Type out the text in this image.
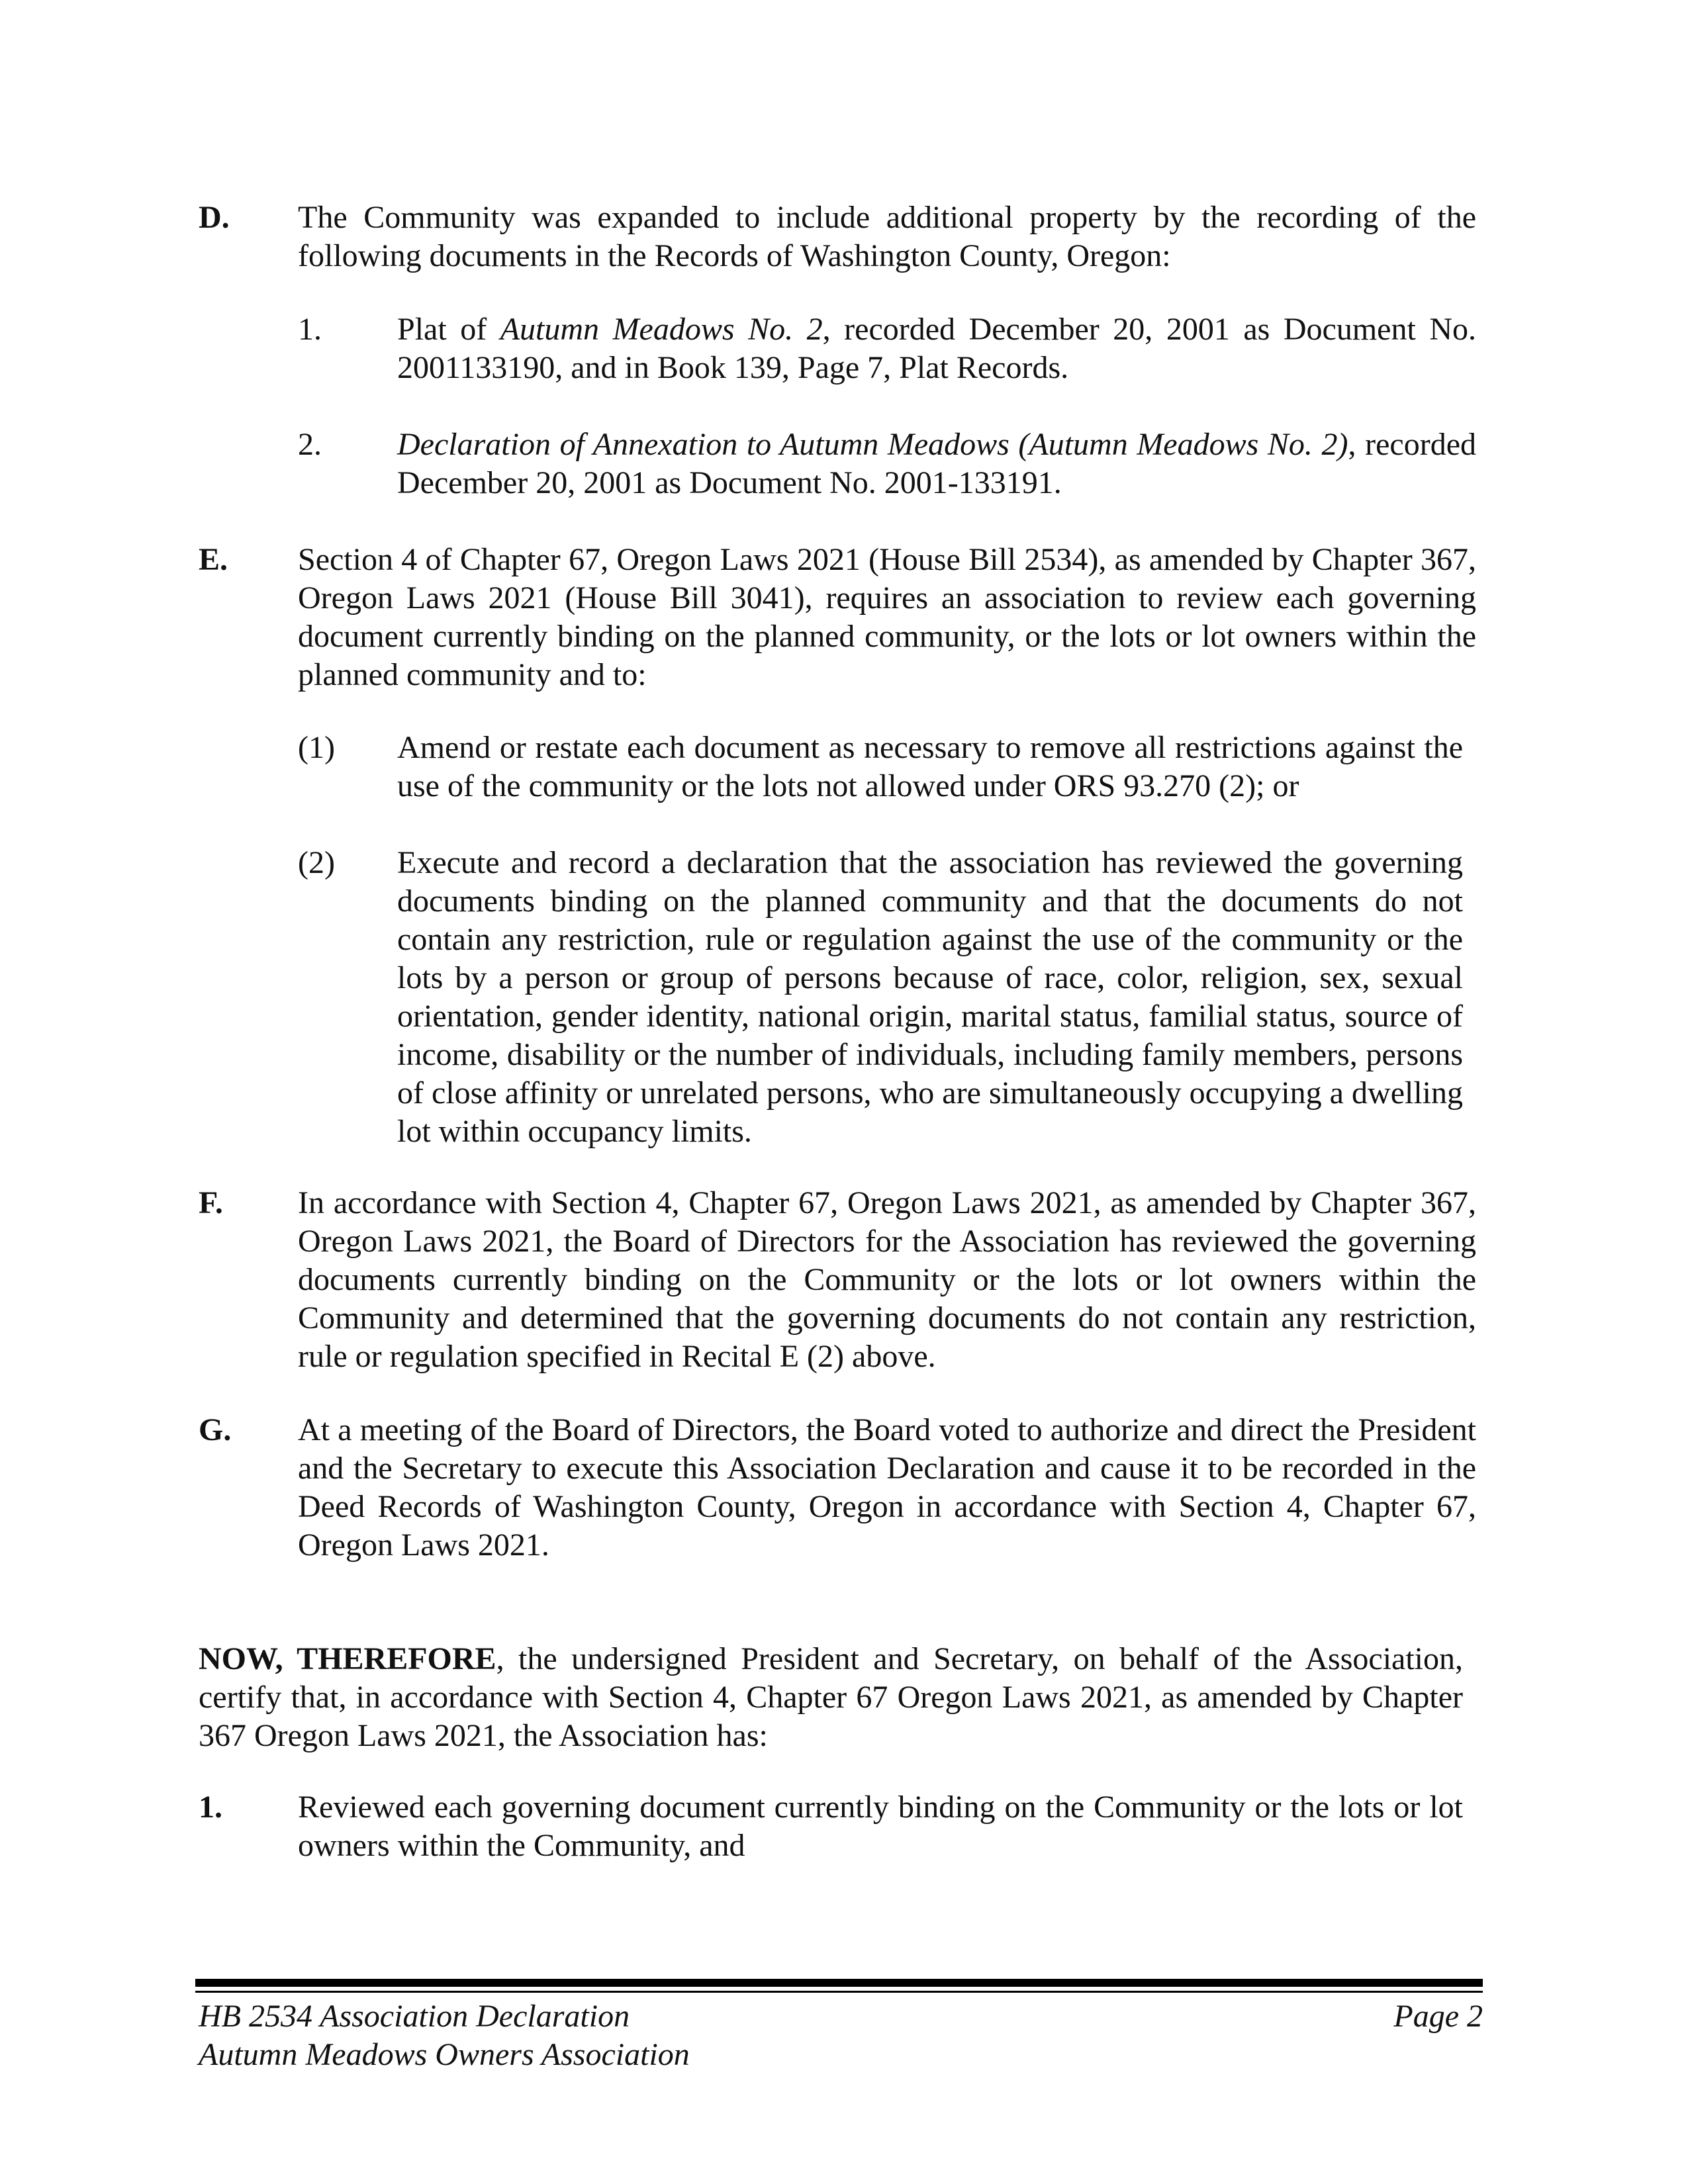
D. The Community was expanded to include additional property by the recording of the following documents in the Records of Washington County, Oregon:
1. Plat of Autumn Meadows No. 2, recorded December 20, 2001 as Document No. 2001133190, and in Book 139, Page 7, Plat Records.
2. Declaration of Annexation to Autumn Meadows (Autumn Meadows No. 2), recorded December 20, 2001 as Document No. 2001-133191.
E. Section 4 of Chapter 67, Oregon Laws 2021 (House Bill 2534), as amended by Chapter 367, Oregon Laws 2021 (House Bill 3041), requires an association to review each governing document currently binding on the planned community, or the lots or lot owners within the planned community and to:
(1) Amend or restate each document as necessary to remove all restrictions against the use of the community or the lots not allowed under ORS 93.270 (2); or
(2) Execute and record a declaration that the association has reviewed the governing documents binding on the planned community and that the documents do not contain any restriction, rule or regulation against the use of the community or the lots by a person or group of persons because of race, color, religion, sex, sexual orientation, gender identity, national origin, marital status, familial status, source of income, disability or the number of individuals, including family members, persons of close affinity or unrelated persons, who are simultaneously occupying a dwelling lot within occupancy limits.
F. In accordance with Section 4, Chapter 67, Oregon Laws 2021, as amended by Chapter 367, Oregon Laws 2021, the Board of Directors for the Association has reviewed the governing documents currently binding on the Community or the lots or lot owners within the Community and determined that the governing documents do not contain any restriction, rule or regulation specified in Recital E (2) above.
G. At a meeting of the Board of Directors, the Board voted to authorize and direct the President and the Secretary to execute this Association Declaration and cause it to be recorded in the Deed Records of Washington County, Oregon in accordance with Section 4, Chapter 67, Oregon Laws 2021.
NOW, THEREFORE, the undersigned President and Secretary, on behalf of the Association, certify that, in accordance with Section 4, Chapter 67 Oregon Laws 2021, as amended by Chapter 367 Oregon Laws 2021, the Association has:
1. Reviewed each governing document currently binding on the Community or the lots or lot owners within the Community, and
HB 2534 Association Declaration
Autumn Meadows Owners Association
Page 2
